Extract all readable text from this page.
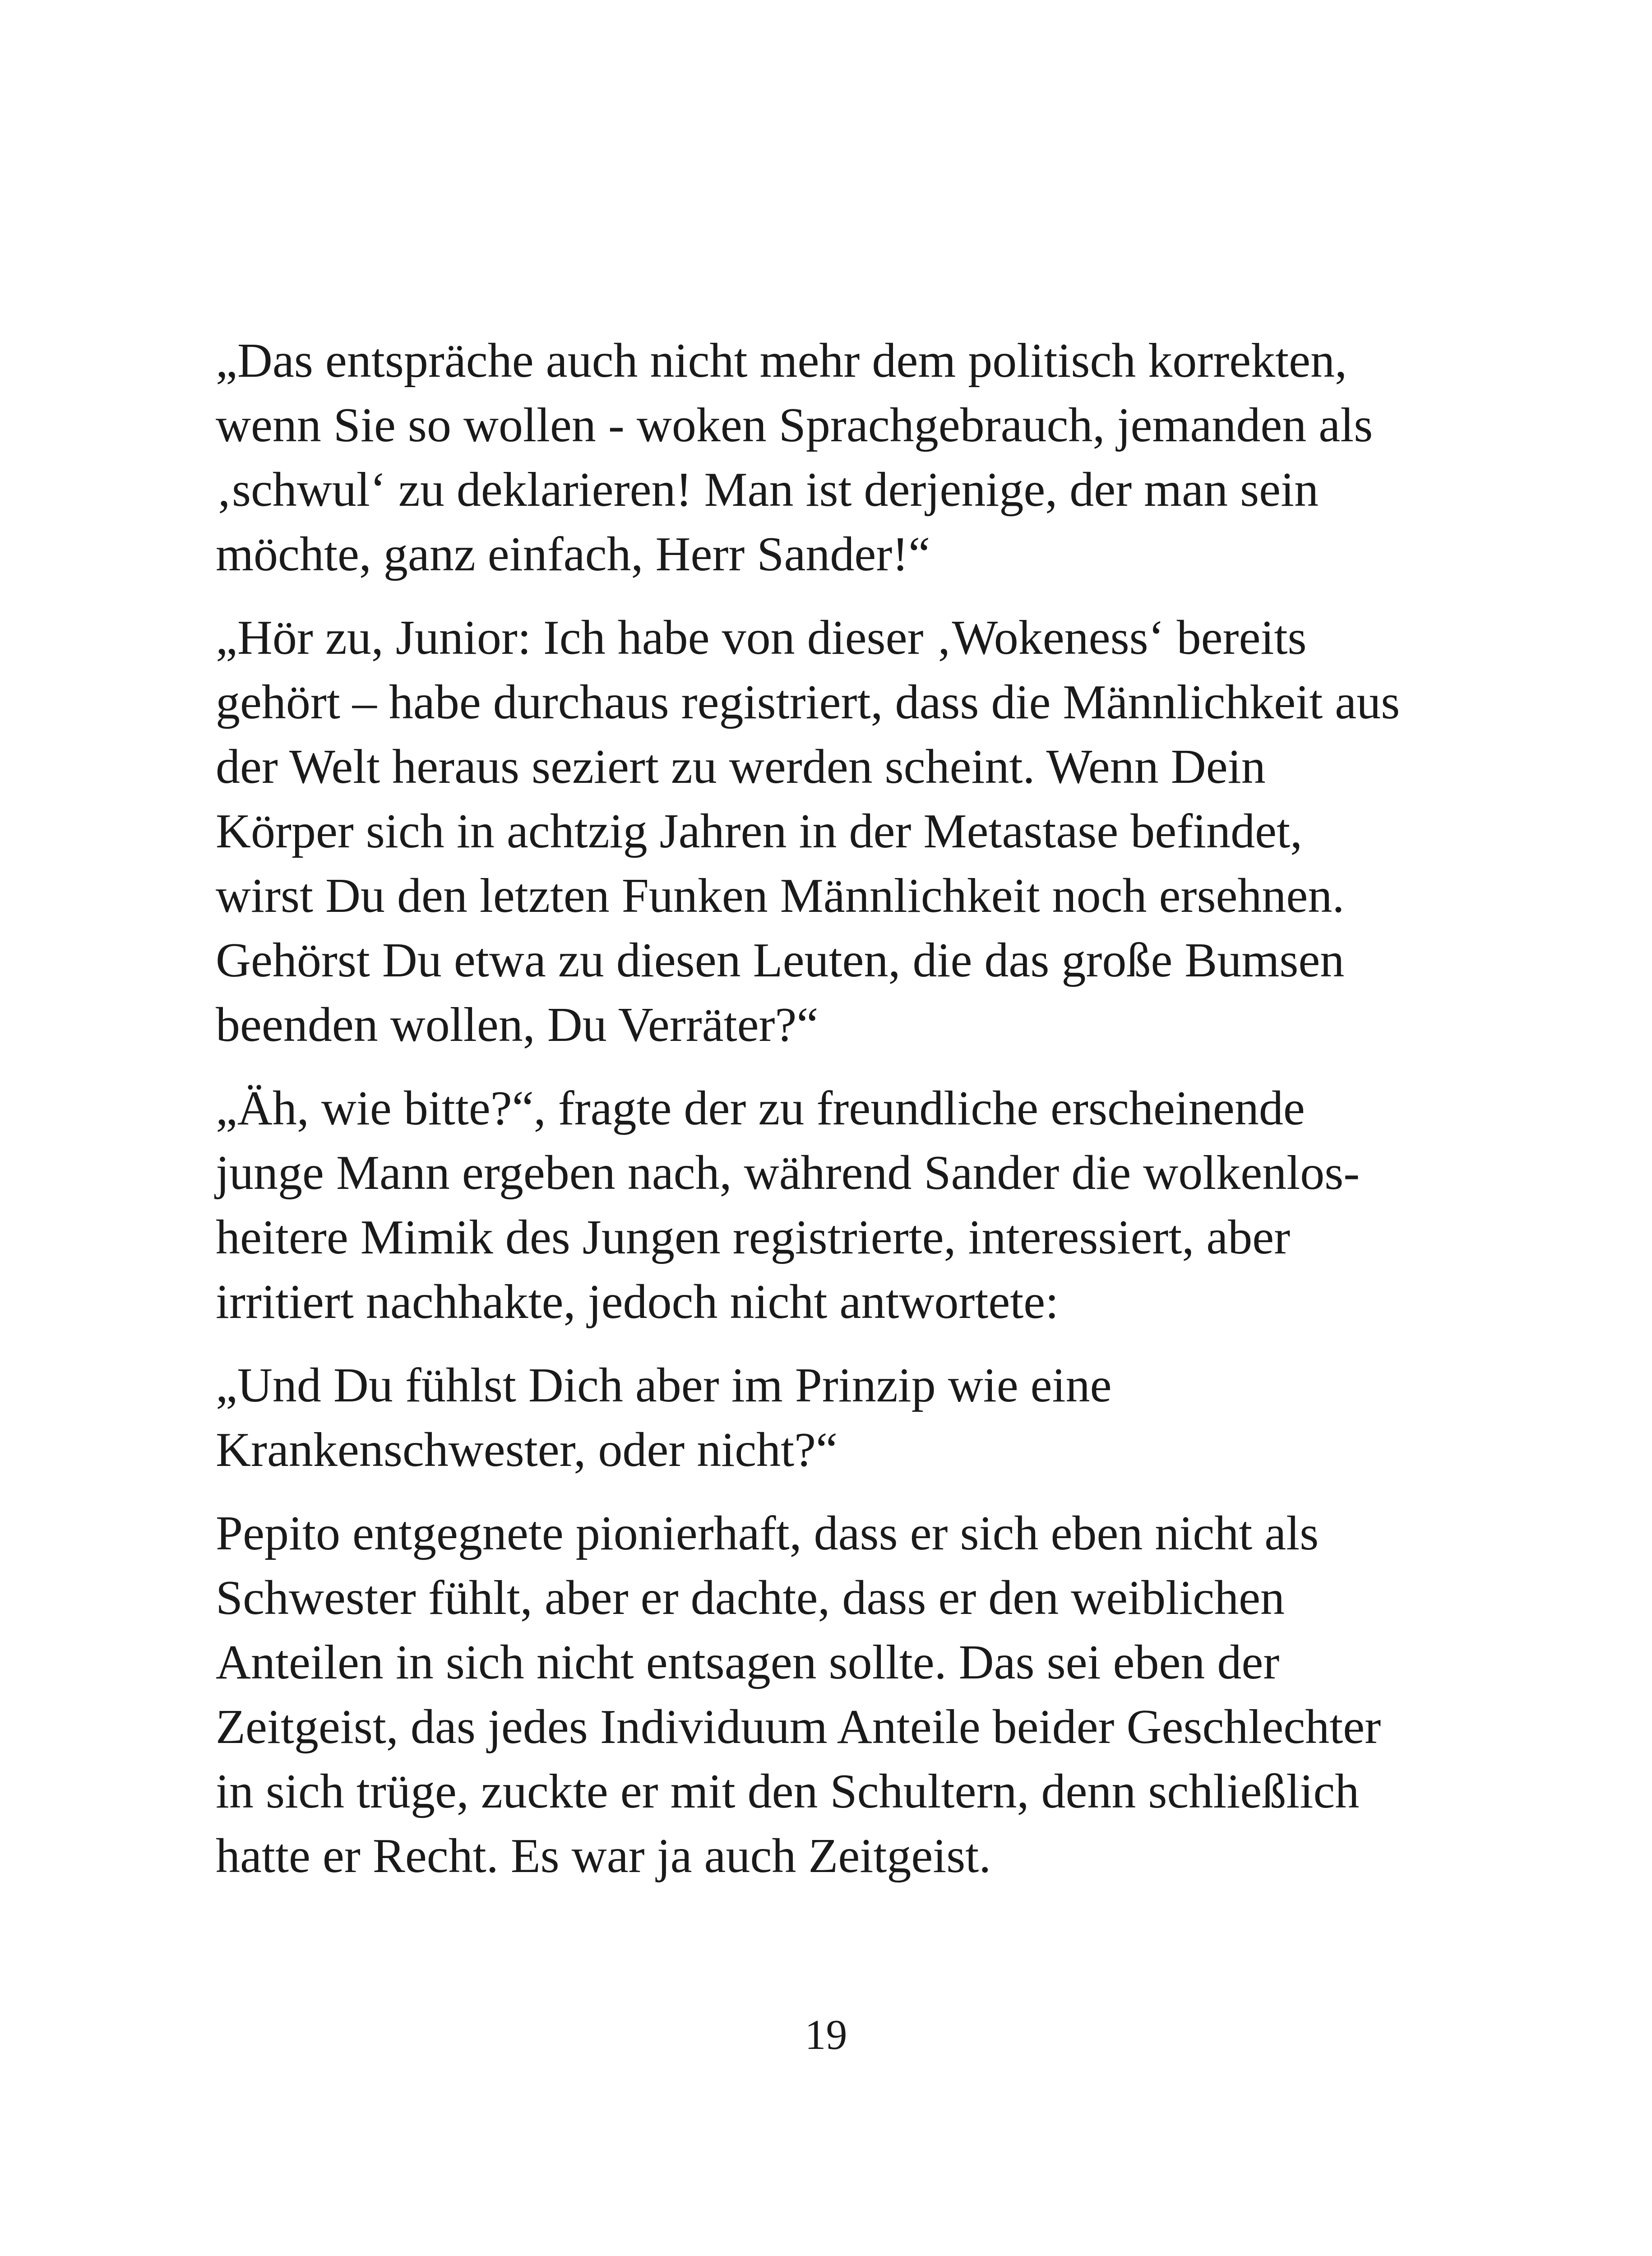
„Das entspräche auch nicht mehr dem politisch korrekten,
wenn Sie so wollen - woken Sprachgebrauch, jemanden als
‚schwul‘ zu deklarieren! Man ist derjenige, der man sein
möchte, ganz einfach, Herr Sander!“

„Hör zu, Junior: Ich habe von dieser ‚Wokeness‘ bereits
gehört – habe durchaus registriert, dass die Männlichkeit aus
der Welt heraus seziert zu werden scheint. Wenn Dein
Körper sich in achtzig Jahren in der Metastase befindet,
wirst Du den letzten Funken Männlichkeit noch ersehnen.
Gehörst Du etwa zu diesen Leuten, die das große Bumsen
beenden wollen, Du Verräter?“

„Äh, wie bitte?“, fragte der zu freundliche erscheinende
junge Mann ergeben nach, während Sander die wolkenlos-
heitere Mimik des Jungen registrierte, interessiert, aber
irritiert nachhakte, jedoch nicht antwortete:

„Und Du fühlst Dich aber im Prinzip wie eine
Krankenschwester, oder nicht?“

Pepito entgegnete pionierhaft, dass er sich eben nicht als
Schwester fühlt, aber er dachte, dass er den weiblichen
Anteilen in sich nicht entsagen sollte. Das sei eben der
Zeitgeist, das jedes Individuum Anteile beider Geschlechter
in sich trüge, zuckte er mit den Schultern, denn schließlich
hatte er Recht. Es war ja auch Zeitgeist.

19
